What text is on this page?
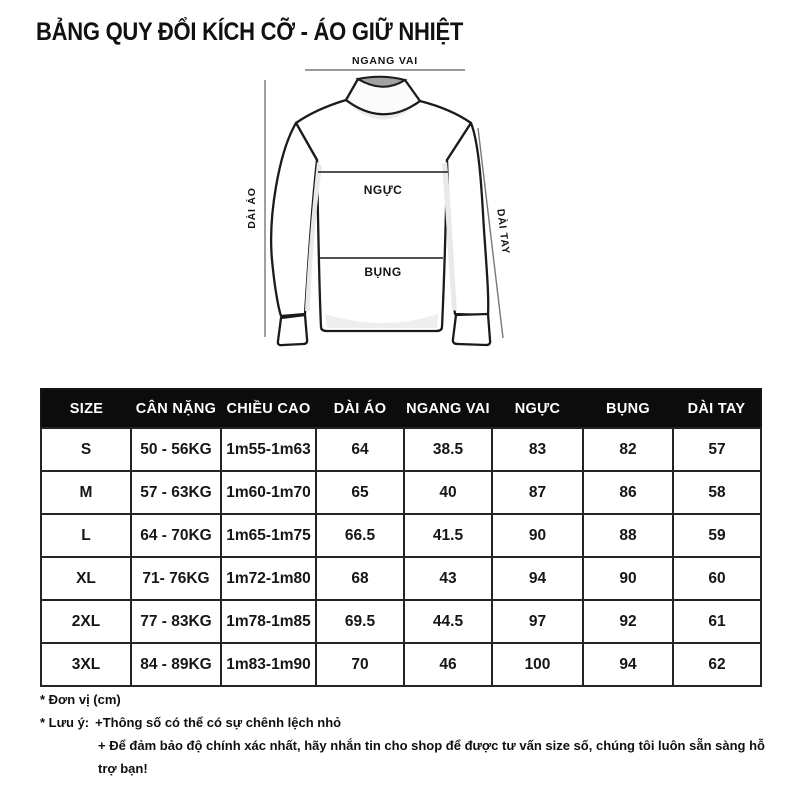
BẢNG QUY ĐỔI KÍCH CỠ - ÁO GIỮ NHIỆT
NGANG VAI
DÀI ÁO
DÀI TAY
NGỰC
BỤNG
SIZE	CÂN NẶNG	CHIỀU CAO	DÀI ÁO	NGANG VAI	NGỰC	BỤNG	DÀI TAY
S	50 - 56KG	1m55-1m63	64	38.5	83	82	57
M	57 - 63KG	1m60-1m70	65	40	87	86	58
L	64 - 70KG	1m65-1m75	66.5	41.5	90	88	59
XL	71- 76KG	1m72-1m80	68	43	94	90	60
2XL	77 - 83KG	1m78-1m85	69.5	44.5	97	92	61
3XL	84 - 89KG	1m83-1m90	70	46	100	94	62

* Đơn vị (cm)

* Lưu ý: +Thông số có thể có sự chênh lệch nhỏ

+ Để đảm bảo độ chính xác nhất, hãy nhắn tin cho shop để được tư vấn size số, chúng tôi luôn sẵn sàng hỗ trợ bạn!
